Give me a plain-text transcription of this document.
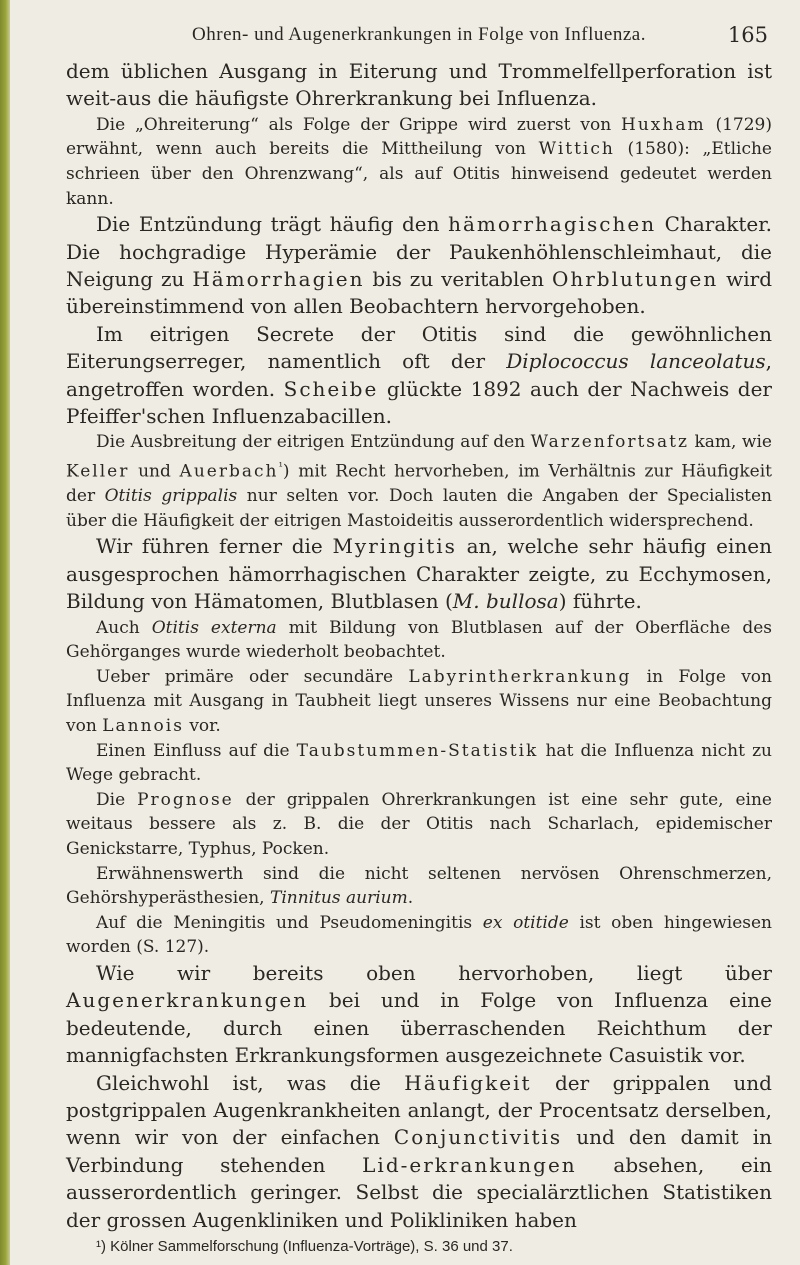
Ohren- und Augenerkrankungen in Folge von Influenza.	165

dem üblichen Ausgang in Eiterung und Trommelfellperforation ist weit-aus die häufigste Ohrerkrankung bei Influenza.

Die „Ohreiterung“ als Folge der Grippe wird zuerst von Huxham (1729) erwähnt, wenn auch bereits die Mittheilung von Wittich (1580): „Etliche schrieen über den Ohrenzwang“, als auf Otitis hinweisend gedeutet werden kann.

Die Entzündung trägt häufig den hämorrhagischen Charakter. Die hochgradige Hyperämie der Paukenhöhlenschleimhaut, die Neigung zu Hämorrhagien bis zu veritablen Ohrblutungen wird übereinstimmend von allen Beobachtern hervorgehoben.

Im eitrigen Secrete der Otitis sind die gewöhnlichen Eiterungserreger, namentlich oft der Diplococcus lanceolatus, angetroffen worden. Scheibe glückte 1892 auch der Nachweis der Pfeiffer'schen Influenzabacillen.

Die Ausbreitung der eitrigen Entzündung auf den Warzenfortsatz kam, wie Keller und Auerbach$^{^1}$) mit Recht hervorheben, im Verhältnis zur Häufigkeit der Otitis grippalis nur selten vor. Doch lauten die Angaben der Specialisten über die Häufigkeit der eitrigen Mastoideitis ausserordentlich widersprechend.

Wir führen ferner die Myringitis an, welche sehr häufig einen ausgesprochen hämorrhagischen Charakter zeigte, zu Ecchymosen, Bildung von Hämatomen, Blutblasen (M. bullosa) führte.

Auch Otitis externa mit Bildung von Blutblasen auf der Oberfläche des Gehörganges wurde wiederholt beobachtet.

Ueber primäre oder secundäre Labyrintherkrankung in Folge von Influenza mit Ausgang in Taubheit liegt unseres Wissens nur eine Beobachtung von Lannois vor.

Einen Einfluss auf die Taubstummen-Statistik hat die Influenza nicht zu Wege gebracht.

Die Prognose der grippalen Ohrerkrankungen ist eine sehr gute, eine weitaus bessere als z. B. die der Otitis nach Scharlach, epidemischer Genickstarre, Typhus, Pocken.

Erwähnenswerth sind die nicht seltenen nervösen Ohrenschmerzen, Gehörshyperästhesien, Tinnitus aurium.

Auf die Meningitis und Pseudomeningitis ex otitide ist oben hingewiesen worden (S. 127).

Wie wir bereits oben hervorhoben, liegt über Augenerkrankungen bei und in Folge von Influenza eine bedeutende, durch einen überraschenden Reichthum der mannigfachsten Erkrankungsformen ausgezeichnete Casuistik vor.

Gleichwohl ist, was die Häufigkeit der grippalen und postgrippalen Augenkrankheiten anlangt, der Procentsatz derselben, wenn wir von der einfachen Conjunctivitis und den damit in Verbindung stehenden Lid-erkrankungen absehen, ein ausserordentlich geringer. Selbst die specialärztlichen Statistiken der grossen Augenkliniken und Polikliniken haben

¹) Kölner Sammelforschung (Influenza-Vorträge), S. 36 und 37.
